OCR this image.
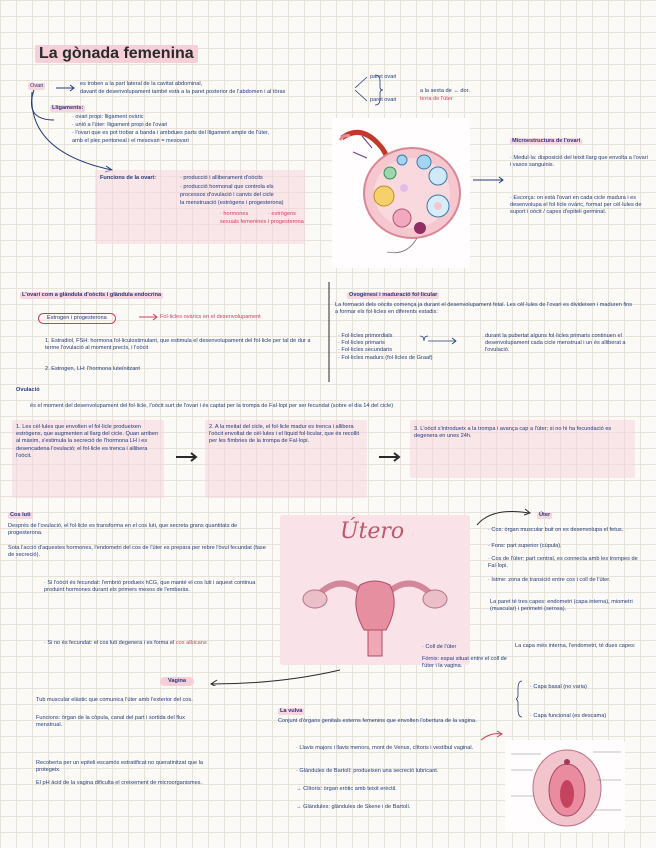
La gònada femenina
Ovari	es troben a la part lateral de la cavitat abdominal,
davant de desenvolupament també està a la paret posterior de l'abdomen i al tòrax
paret ovari
paret ovari
a la sexta de ↔ dor.
terra de l'úter
Lligaments:
· ovari propi: lligament ovàric
· unió a l'úter: lligament propi de l'ovari
· l'ovari que es pot trobar a banda i ambdues parts del lligament ample de l'úter,
amb el plec peritoneal i el mesovari = mesovari
Funcions de la ovari:	· producció i alliberament d'oòcits
· producció hormonal que controla els
processos d'ovulació i canvis del cicle
la menstruació (estrògens i progesterona)
· hormones
sexuals femenines
· estrògens
i progesterona
Microestructura de l'ovari
· Medul·la: disposició del teixit llarg que envolta a l'ovari i vasos sanguinis.
· Escorça: on està l'ovari en cada cicle madura i es desenvolupa el fol·licle ovàric, format per cèl·lules de suport i oòcit / capes d'epiteli germinal.
L'ovari com a glàndula d'oòcits i glàndula endocrina
Estrogen i progesterona	Fol·licles ovàrics en el desenvolupament
1. Estradiol, FSH: hormona fol·liculostimulant, que estimula el desenvolupament del fol·licle per tal de dur a terme l'ovulació al moment precís, i l'oòcit
2. Estrogen, LH: l'hormona luteïnitzant
Ovogènesi i maduració fol·licular
La formació dels oòcits comença ja durant el desenvolupament fetal. Les cèl·lules de l'ovari es divideixen i maduren fins a formar els fol·licles en diferents estadis:
· Fol·licles primordials
· Fol·licles primaris
· Fol·licles secundaris
· Fol·licles madurs (fol·licles de Graaf)
durant la pubertat alguns fol·licles primaris continuen el desenvolupament cada cicle menstrual i un és alliberat a l'ovulació.
Ovulació
és el moment del desenvolupament del fol·licle, l'oòcit surt de l'ovari i és captat per la trompa de Fal·lopi per ser fecundat (sobre el dia 14 del cicle)
1. Les cèl·lules que envolten el fol·licle produeixen estrògens, que augmenten al llarg del cicle. Quan arriben al màxim, s'estimula la secreció de l'hormona LH i es desencadena l'ovulació; el fol·licle es trenca i allibera l'oòcit.
2. A la meitat del cicle, el fol·licle madur es trenca i allibera l'oòcit envoltat de cèl·lules i el líquid fol·licular, que és recollit per les fímbries de la trompa de Fal·lopi.
3. L'oòcit s'introdueix a la trompa i avança cap a l'úter; si no hi ha fecundació es degenera en unes 24h.
Cos luti
Després de l'ovulació, el fol·licle es transforma en el cos luti, que secreta grans quantitats de progesterona.
Sota l'acció d'aquestes hormones, l'endometri del cos de l'úter es prepara per rebre l'òvul fecundat (fase de secreció).
· Si l'oòcit és fecundat: l'embrió produeix hCG, que manté el cos luti i aquest continua produint hormones durant els primers mesos de l'embaràs.
· Si no és fecundat: el cos luti degenera i es forma el cos albicans
Útero
Úter
· Cos: òrgan muscular buit on es desenvolupa el fetus.
· Fons: part superior (cúpula).
· Cos de l'úter: part central, es connecta amb les trompes de Fal·lopi.
· Istme: zona de transició entre cos i coll de l'úter.
La paret té tres capes: endometri (capa interna), miometri (muscular) i perimetri (serosa).
· Coll de l'úter
Fórnix: espai situat entre el coll de l'úter i la vagina.
La capa més interna, l'endometri, té dues capes:
· Capa basal (no varia)
· Capa funcional (es descama)
Vagina
Tub muscular elàstic que comunica l'úter amb l'exterior del cos.
Funcions: òrgan de la còpula, canal del part i sortida del flux menstrual.
Recoberta per un epiteli escamós estratificat no queratinitzat que la protegeix.
El pH àcid de la vagina dificulta el creixement de microorganismes.
La vulva
Conjunt d'òrgans genitals externs femenins que envolten l'obertura de la vagina.
· Llavis majors i llavis menors, mont de Venus, clítoris i vestíbul vaginal.
· Glàndules de Bartolí: produeixen una secreció lubricant.
→ Clítoris: òrgan eròtic amb teixit erèctil.
→ Glàndules: glàndules de Skene i de Bartolí.
